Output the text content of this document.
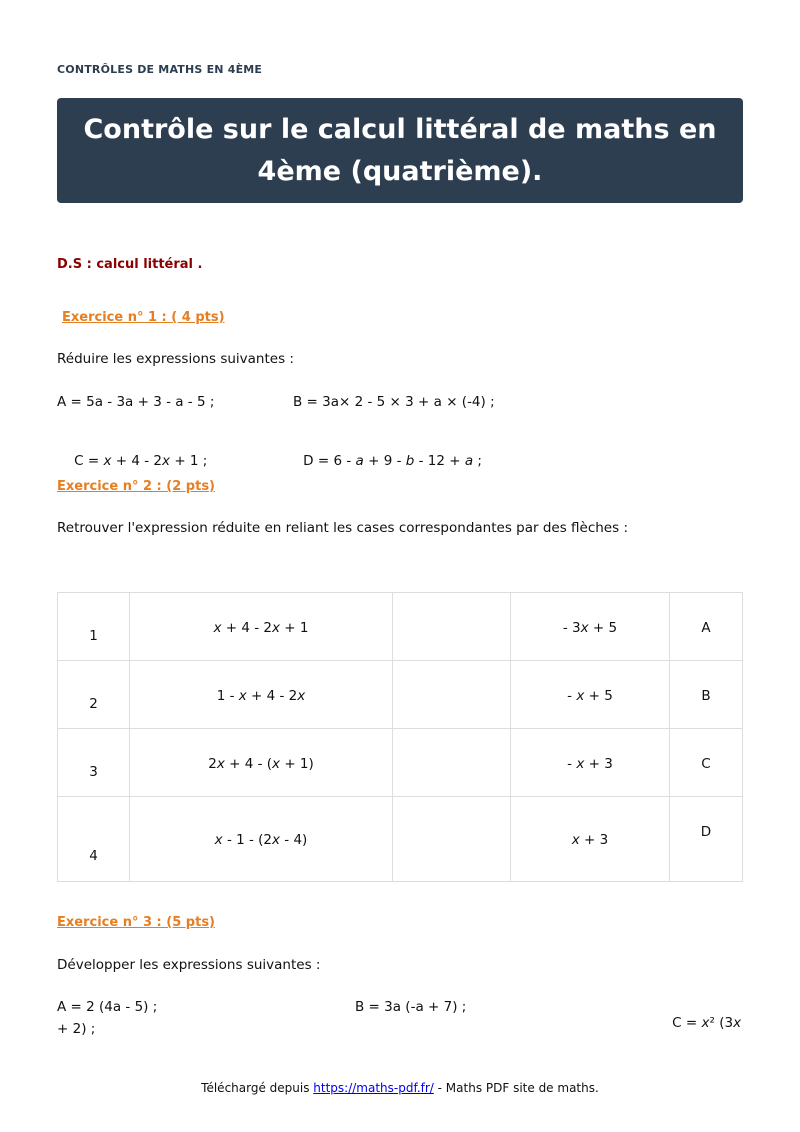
CONTRÔLES DE MATHS EN 4ÈME
Contrôle sur le calcul littéral de maths en 4ème (quatrième).
D.S : calcul littéral .
Exercice n° 1 : ( 4 pts)
Réduire les expressions suivantes :
A = 5a - 3a + 3 - a - 5 ;	B = 3a× 2 - 5 × 3 + a × (-4) ;

C = x + 4 - 2x + 1 ;
	D = 6 - a + 9 - b - 12 + a ;

Exercice n° 2 : (2 pts)
Retrouver l'expression réduite en reliant les cases correspondantes par des flèches :
1	x + 4 - 2x + 1		- 3x + 5	A
2	1 - x + 4 - 2x		- x + 5	B
3	2x + 4 - (x + 1)		- x + 3	C
4	x - 1 - (2x - 4)		x + 3	D
Exercice n° 3 : (5 pts)
Développer les expressions suivantes :
A = 2 (4a - 5) ;	B = 3a (-a + 7) ;

C = x² (3x

+ 2) ;
Téléchargé depuis https://maths-pdf.fr/ - Maths PDF site de maths.
